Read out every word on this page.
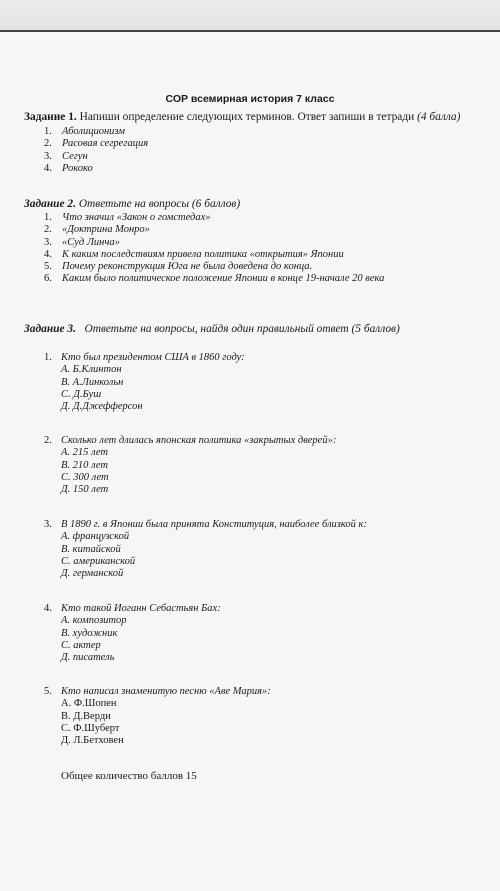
СОР всемирная история 7 класс
Задание 1. Напиши определение следующих терминов. Ответ запиши в тетради (4 балла)
1. Аболиционизм
2. Расовая сегрегация
3. Сегун
4. Рококо
Задание 2. Ответьте на вопросы (6 баллов)
1. Что значил «Закон о гомстедах»
2. «Доктрина Монро»
3. «Суд Линча»
4. К каким последствиям привела политика «открытия» Японии
5. Почему реконструкция Юга не была доведена до конца.
6. Каким было политическое положение Японии в конце 19-начале 20 века
Задание 3. Ответьте на вопросы, найдя один правильный ответ (5 баллов)
1. Кто был президентом США в 1860 году:
А. Б.Клинтон
В. А.Линкольн
С. Д.Буш
Д. Д.Джефферсон
2. Сколько лет длилась японская политика «закрытых дверей»:
А. 215 лет
В. 210 лет
С. 300 лет
Д. 150 лет
3. В 1890 г. в Японии была принята Конституция, наиболее близкой к:
А. французской
В. китайской
С. американской
Д. германской
4. Кто такой Иоганн Себастьян Бах:
А. композитор
В. художник
С. актер
Д. писатель
5. Кто написал знаменитую песню «Аве Мария»:
А. Ф.Шопен
В. Д.Верди
С. Ф.Шуберт
Д. Л.Бетховен
Общее количество баллов 15
